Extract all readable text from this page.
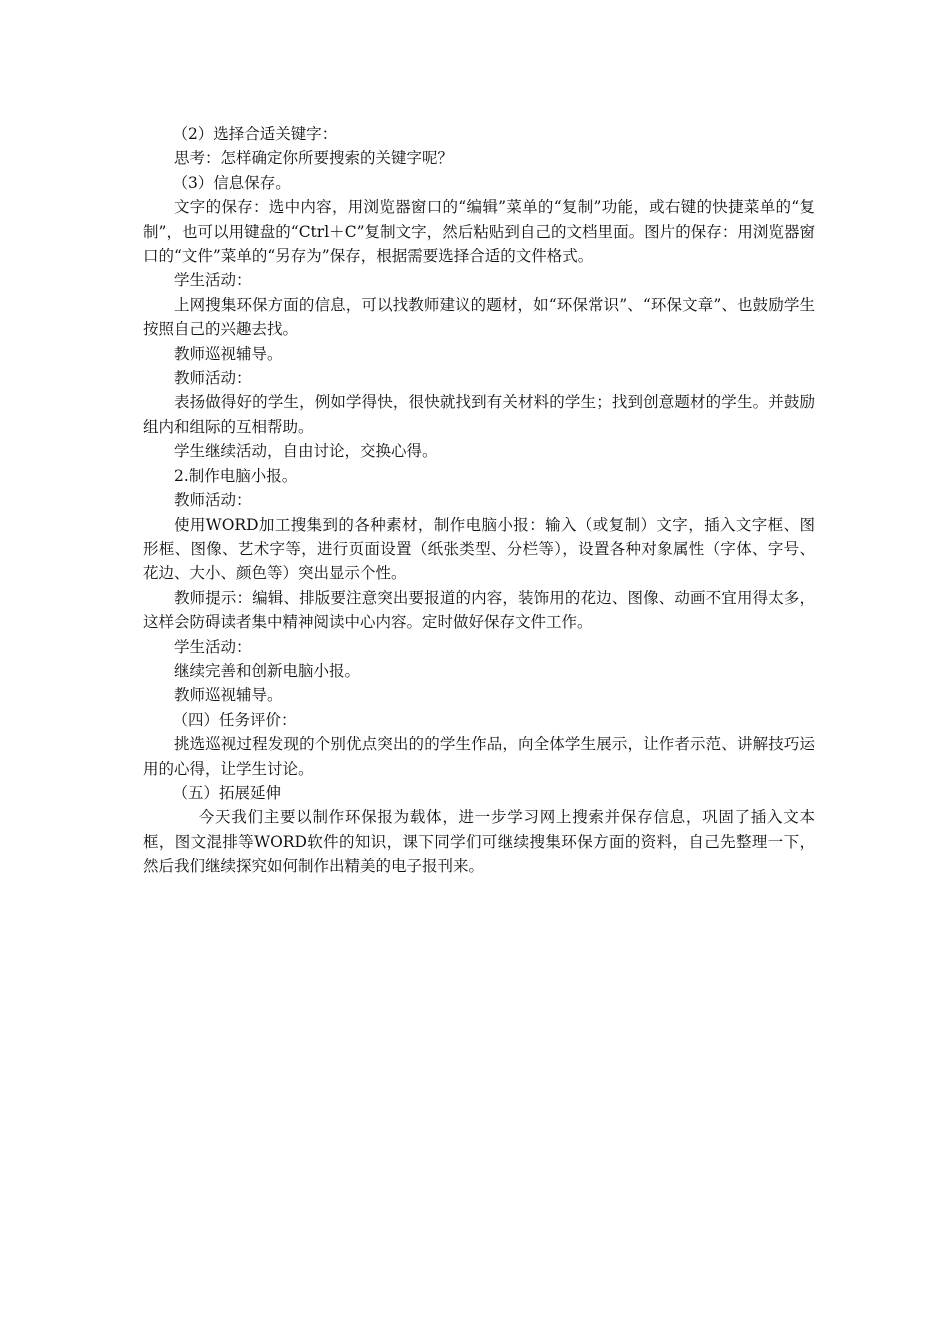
（2）选择合适关键字：

思考：怎样确定你所要搜索的关键字呢？

（3）信息保存。

文字的保存：选中内容，用浏览器窗口的“编辑”菜单的“复制”功能，或右键的快捷菜单的“复制”，也可以用键盘的“Ctrl＋C”复制文字，然后粘贴到自己的文档里面。图片的保存：用浏览器窗口的“文件”菜单的“另存为”保存，根据需要选择合适的文件格式。

学生活动：

上网搜集环保方面的信息，可以找教师建议的题材，如“环保常识”、“环保文章”、也鼓励学生按照自己的兴趣去找。

教师巡视辅导。

教师活动：

表扬做得好的学生，例如学得快，很快就找到有关材料的学生；找到创意题材的学生。并鼓励组内和组际的互相帮助。

学生继续活动，自由讨论，交换心得。

2.制作电脑小报。

教师活动：

使用WORD加工搜集到的各种素材，制作电脑小报：输入（或复制）文字，插入文字框、图形框、图像、艺术字等，进行页面设置（纸张类型、分栏等），设置各种对象属性（字体、字号、花边、大小、颜色等）突出显示个性。

教师提示：编辑、排版要注意突出要报道的内容，装饰用的花边、图像、动画不宜用得太多，这样会防碍读者集中精神阅读中心内容。定时做好保存文件工作。

学生活动：

继续完善和创新电脑小报。

教师巡视辅导。

（四）任务评价：

挑选巡视过程发现的个别优点突出的的学生作品，向全体学生展示，让作者示范、讲解技巧运用的心得，让学生讨论。

（五）拓展延伸

今天我们主要以制作环保报为载体，进一步学习网上搜索并保存信息，巩固了插入文本框，图文混排等WORD软件的知识，课下同学们可继续搜集环保方面的资料，自己先整理一下，然后我们继续探究如何制作出精美的电子报刊来。
